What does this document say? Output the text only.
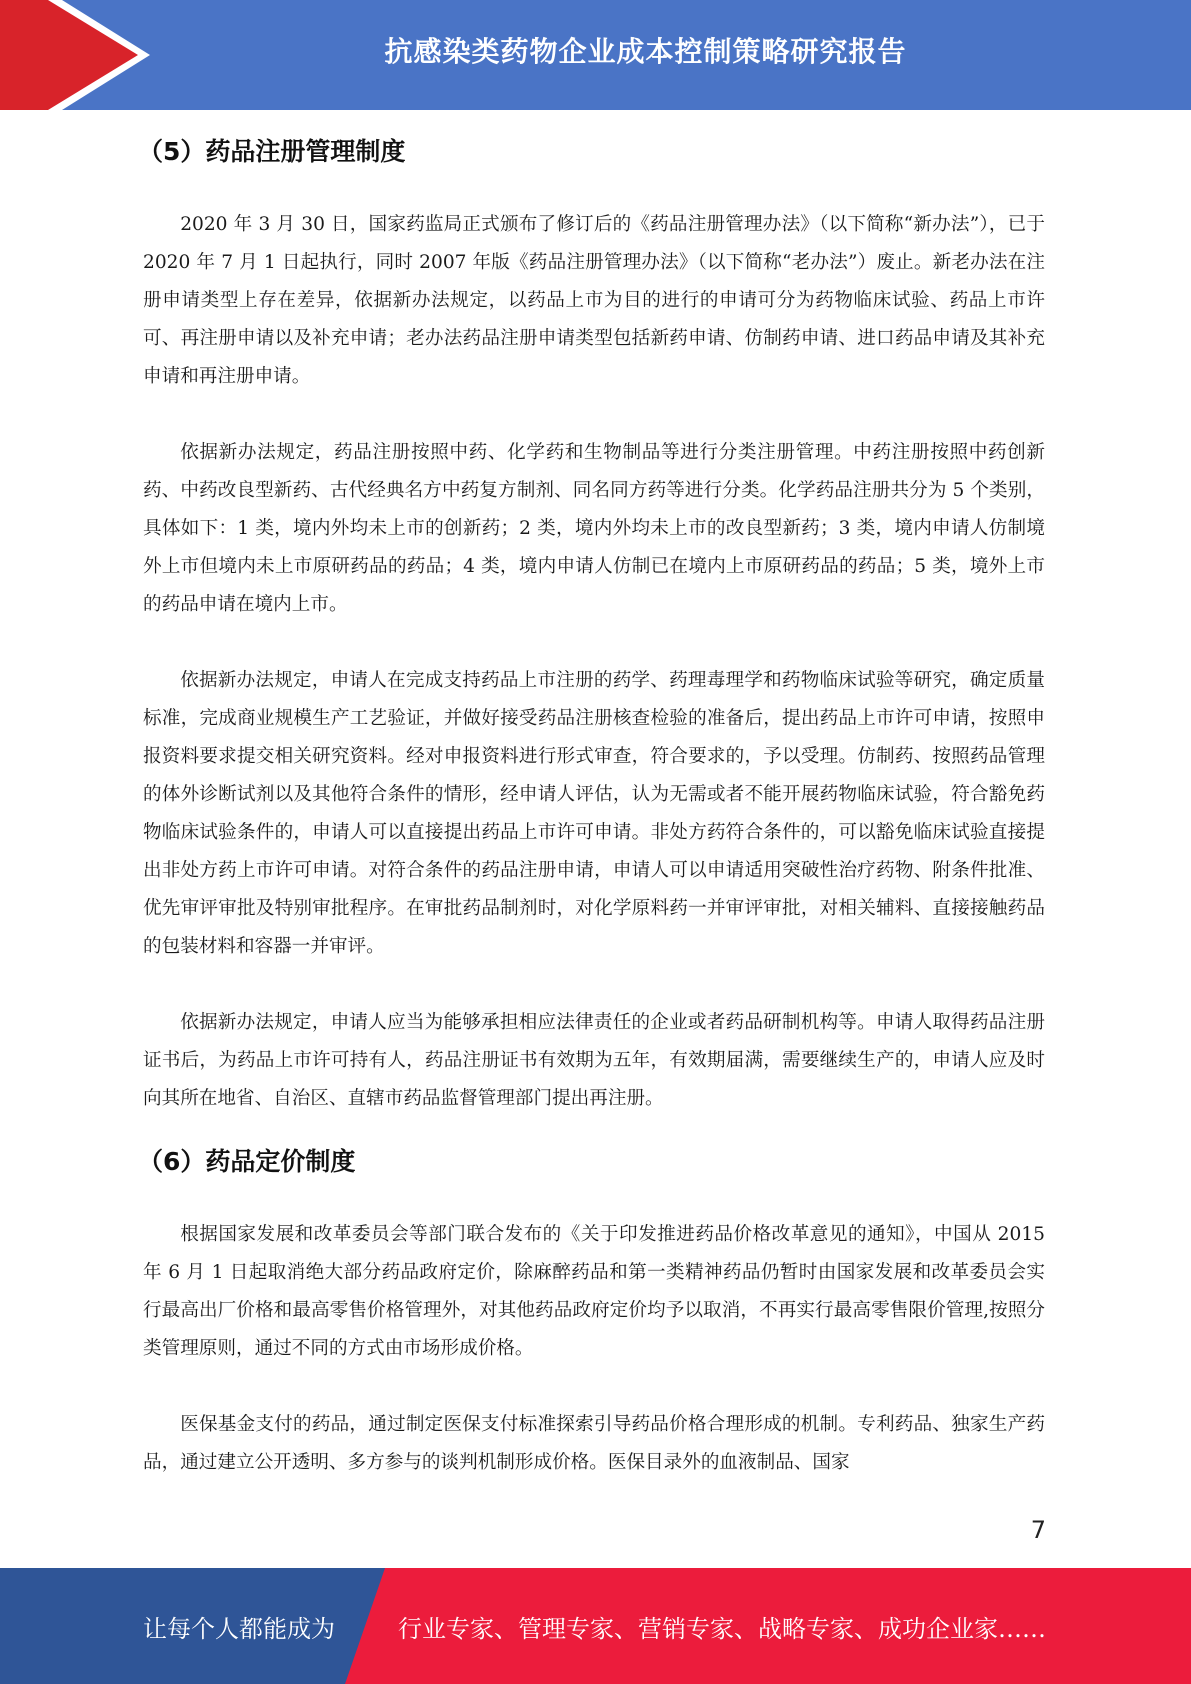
抗感染类药物企业成本控制策略研究报告
（5）药品注册管理制度

2020 年 3 月 30 日，国家药监局正式颁布了修订后的《药品注册管理办法》（以下简称“新办法”），已于 2020 年 7 月 1 日起执行，同时 2007 年版《药品注册管理办法》（以下简称“老办法”）废止。新老办法在注册申请类型上存在差异，依据新办法规定，以药品上市为目的进行的申请可分为药物临床试验、药品上市许可、再注册申请以及补充申请；老办法药品注册申请类型包括新药申请、仿制药申请、进口药品申请及其补充申请和再注册申请。

依据新办法规定，药品注册按照中药、化学药和生物制品等进行分类注册管理。中药注册按照中药创新药、中药改良型新药、古代经典名方中药复方制剂、同名同方药等进行分类。化学药品注册共分为 5 个类别，具体如下：1 类，境内外均未上市的创新药；2 类，境内外均未上市的改良型新药；3 类，境内申请人仿制境外上市但境内未上市原研药品的药品；4 类，境内申请人仿制已在境内上市原研药品的药品；5 类，境外上市的药品申请在境内上市。

依据新办法规定，申请人在完成支持药品上市注册的药学、药理毒理学和药物临床试验等研究，确定质量标准，完成商业规模生产工艺验证，并做好接受药品注册核查检验的准备后，提出药品上市许可申请，按照申报资料要求提交相关研究资料。经对申报资料进行形式审查，符合要求的，予以受理。仿制药、按照药品管理的体外诊断试剂以及其他符合条件的情形，经申请人评估，认为无需或者不能开展药物临床试验，符合豁免药物临床试验条件的，申请人可以直接提出药品上市许可申请。非处方药符合条件的，可以豁免临床试验直接提出非处方药上市许可申请。对符合条件的药品注册申请，申请人可以申请适用突破性治疗药物、附条件批准、优先审评审批及特别审批程序。在审批药品制剂时，对化学原料药一并审评审批，对相关辅料、直接接触药品的包装材料和容器一并审评。

依据新办法规定，申请人应当为能够承担相应法律责任的企业或者药品研制机构等。申请人取得药品注册证书后，为药品上市许可持有人，药品注册证书有效期为五年，有效期届满，需要继续生产的，申请人应及时向其所在地省、自治区、直辖市药品监督管理部门提出再注册。

（6）药品定价制度

根据国家发展和改革委员会等部门联合发布的《关于印发推进药品价格改革意见的通知》，中国从 2015 年 6 月 1 日起取消绝大部分药品政府定价，除麻醉药品和第一类精神药品仍暂时由国家发展和改革委员会实行最高出厂价格和最高零售价格管理外，对其他药品政府定价均予以取消，不再实行最高零售限价管理,按照分类管理原则，通过不同的方式由市场形成价格。

医保基金支付的药品，通过制定医保支付标准探索引导药品价格合理形成的机制。专利药品、独家生产药品，通过建立公开透明、多方参与的谈判机制形成价格。医保目录外的血液制品、国家

7
让每个人都能成为	行业专家、管理专家、营销专家、战略专家、成功企业家……
